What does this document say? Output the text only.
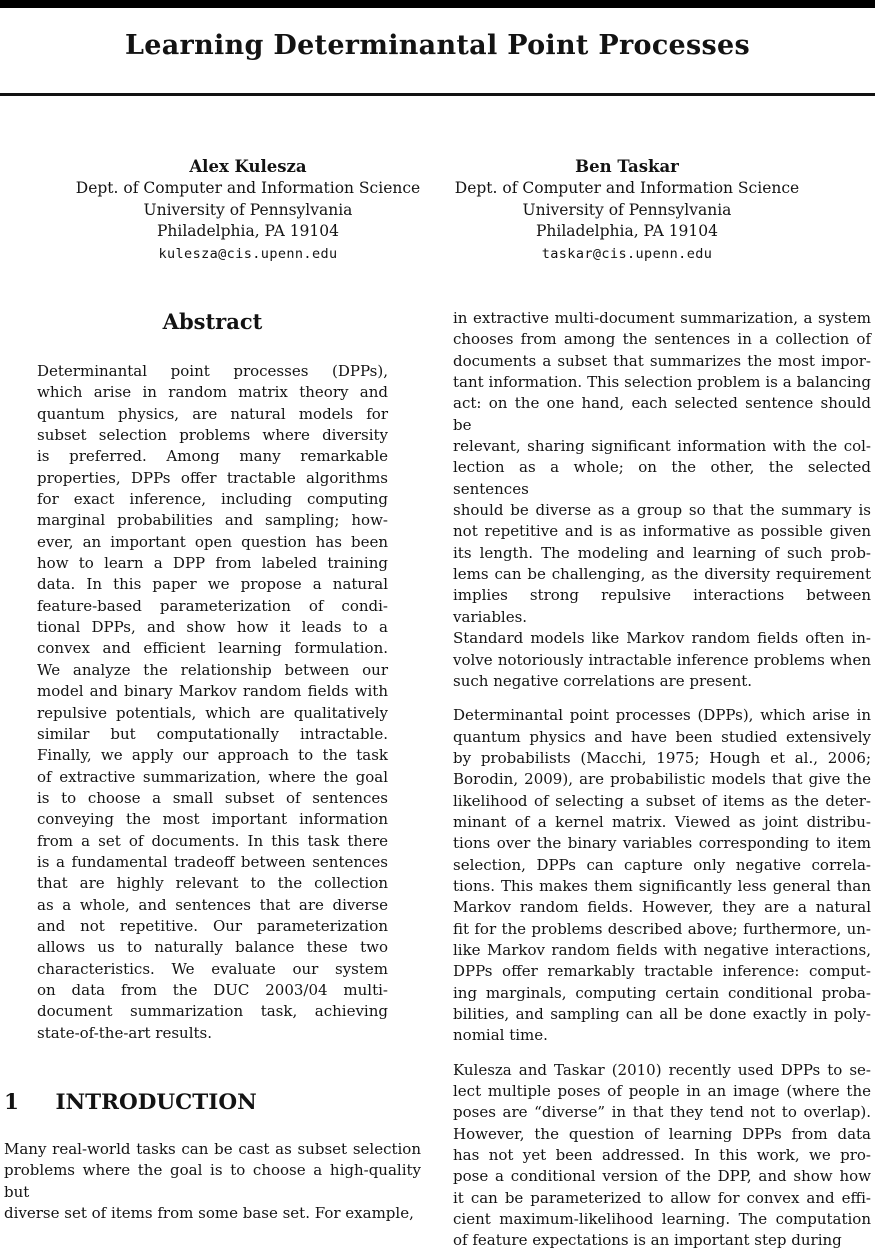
Learning Determinantal Point Processes
Alex Kulesza
Dept. of Computer and Information Science
University of Pennsylvania
Philadelphia, PA 19104
kulesza@cis.upenn.edu
Ben Taskar
Dept. of Computer and Information Science
University of Pennsylvania
Philadelphia, PA 19104
taskar@cis.upenn.edu
Abstract
Determinantal point processes (DPPs),
which arise in random matrix theory and
quantum physics, are natural models for
subset selection problems where diversity
is preferred. Among many remarkable
properties, DPPs offer tractable algorithms
for exact inference, including computing
marginal probabilities and sampling; how-
ever, an important open question has been
how to learn a DPP from labeled training
data. In this paper we propose a natural
feature-based parameterization of condi-
tional DPPs, and show how it leads to a
convex and efficient learning formulation.
We analyze the relationship between our
model and binary Markov random fields with
repulsive potentials, which are qualitatively
similar but computationally intractable.
Finally, we apply our approach to the task
of extractive summarization, where the goal
is to choose a small subset of sentences
conveying the most important information
from a set of documents. In this task there
is a fundamental tradeoff between sentences
that are highly relevant to the collection
as a whole, and sentences that are diverse
and not repetitive. Our parameterization
allows us to naturally balance these two
characteristics. We evaluate our system
on data from the DUC 2003/04 multi-
document summarization task, achieving
state-of-the-art results.
1 INTRODUCTION
Many real-world tasks can be cast as subset selection
problems where the goal is to choose a high-quality but
diverse set of items from some base set. For example,
in extractive multi-document summarization, a system
chooses from among the sentences in a collection of
documents a subset that summarizes the most impor-
tant information. This selection problem is a balancing
act: on the one hand, each selected sentence should be
relevant, sharing significant information with the col-
lection as a whole; on the other, the selected sentences
should be diverse as a group so that the summary is
not repetitive and is as informative as possible given
its length. The modeling and learning of such prob-
lems can be challenging, as the diversity requirement
implies strong repulsive interactions between variables.
Standard models like Markov random fields often in-
volve notoriously intractable inference problems when
such negative correlations are present.
Determinantal point processes (DPPs), which arise in
quantum physics and have been studied extensively
by probabilists (Macchi, 1975; Hough et al., 2006;
Borodin, 2009), are probabilistic models that give the
likelihood of selecting a subset of items as the deter-
minant of a kernel matrix. Viewed as joint distribu-
tions over the binary variables corresponding to item
selection, DPPs can capture only negative correla-
tions. This makes them significantly less general than
Markov random fields. However, they are a natural
fit for the problems described above; furthermore, un-
like Markov random fields with negative interactions,
DPPs offer remarkably tractable inference: comput-
ing marginals, computing certain conditional proba-
bilities, and sampling can all be done exactly in poly-
nomial time.
Kulesza and Taskar (2010) recently used DPPs to se-
lect multiple poses of people in an image (where the
poses are “diverse” in that they tend not to overlap).
However, the question of learning DPPs from data
has not yet been addressed. In this work, we pro-
pose a conditional version of the DPP, and show how
it can be parameterized to allow for convex and effi-
cient maximum-likelihood learning. The computation
of feature expectations is an important step during
